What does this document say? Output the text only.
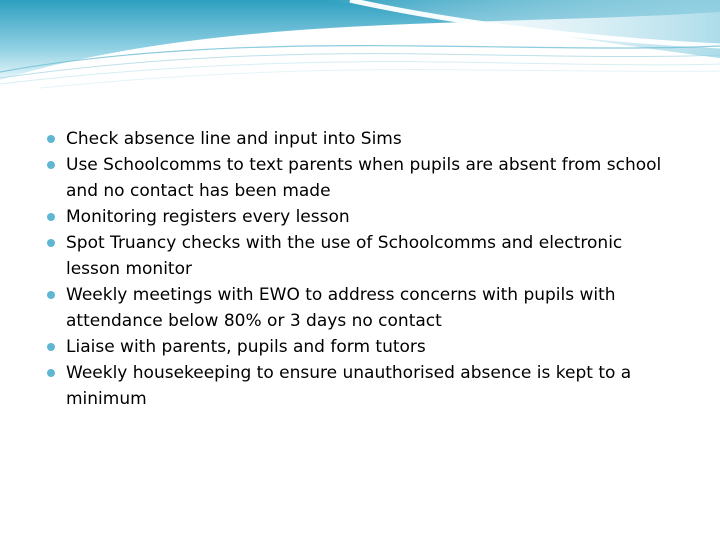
Check absence line and input into Sims
Use Schoolcomms to text parents when pupils are absent from school and no contact has been made
Monitoring registers every lesson
Spot Truancy checks with the use of Schoolcomms and electronic lesson monitor
Weekly meetings with EWO to address concerns with pupils with attendance below 80% or 3 days no contact
Liaise with parents, pupils and form tutors
Weekly housekeeping to ensure unauthorised absence is kept to a minimum
